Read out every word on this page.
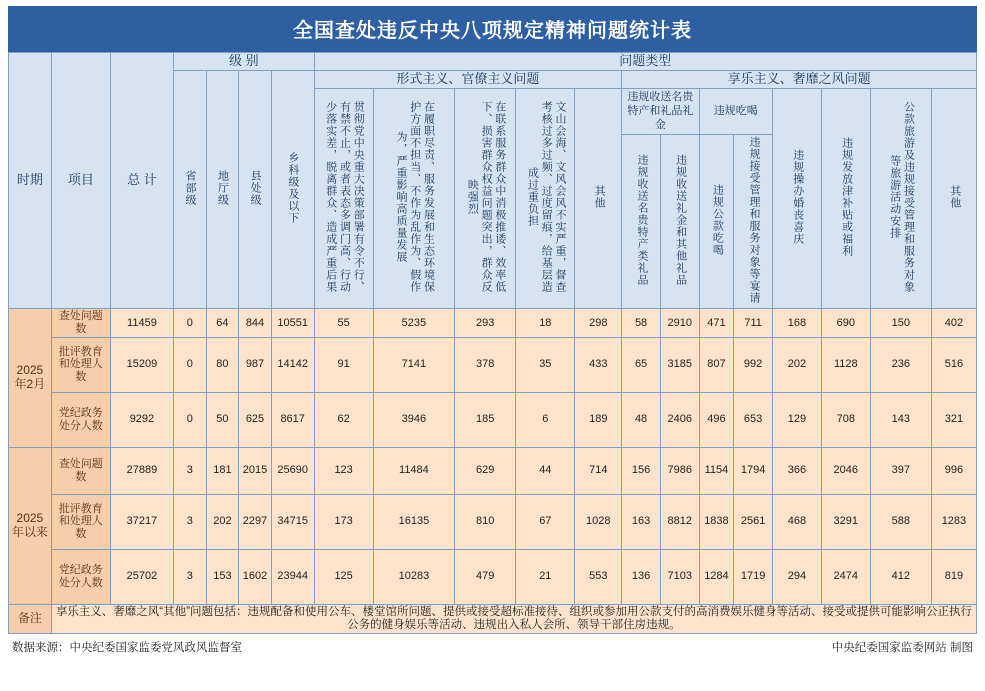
全国查处违反中央八项规定精神问题统计表
时期	项目	总 计	级 别				问题类型												
			省部级	地厅级	县处级	乡科级及以下	形式主义、官僚主义问题					享乐主义、奢靡之风问题							
							贯彻党中央重大决策部署有令不行、有禁不止，或者表态多调门高、行动少落实差，脱离群众、造成严重后果	在履职尽责、服务发展和生态环境保护方面不担当、不作为乱作为、假作为，严重影响高质量发展	在联系服务群众中消极推诿、效率低下、损害群众权益问题突出，群众反映强烈	文山会海、文风会风不实严重，督查考核过多过频、过度留痕，给基层造成过重负担	其他	违规收送名贵特产和礼品礼金		违规吃喝		违规操办婚丧喜庆	违规发放津补贴或福利	公款旅游及违规接受管理和服务对象等旅游活动安排	其他
												违规收送名贵特产类礼品	违规收送礼金和其他礼品	违规公款吃喝	违规接受管理和服务对象等宴请				
2025年2月	查处问题数	11459	0	64	844	10551	55	5235	293	18	298	58	2910	471	711	168	690	150	402
	批评教育和处理人数	15209	0	80	987	14142	91	7141	378	35	433	65	3185	807	992	202	1128	236	516
	党纪政务处分人数	9292	0	50	625	8617	62	3946	185	6	189	48	2406	496	653	129	708	143	321
2025年以来	查处问题数	27889	3	181	2015	25690	123	11484	629	44	714	156	7986	1154	1794	366	2046	397	996
	批评教育和处理人数	37217	3	202	2297	34715	173	16135	810	67	1028	163	8812	1838	2561	468	3291	588	1283
	党纪政务处分人数	25702	3	153	1602	23944	125	10283	479	21	553	136	7103	1284	1719	294	2474	412	819
备注	享乐主义、奢靡之风“其他”问题包括：违规配备和使用公车、楼堂馆所问题、提供或接受超标准接待、组织或参加用公款支付的高消费娱乐健身等活动、接受或提供可能影响公正执行公务的健身娱乐等活动、违规出入私人会所、领导干部住房违规。																		
数据来源：中央纪委国家监委党风政风监督室	中央纪委国家监委网站 制图
